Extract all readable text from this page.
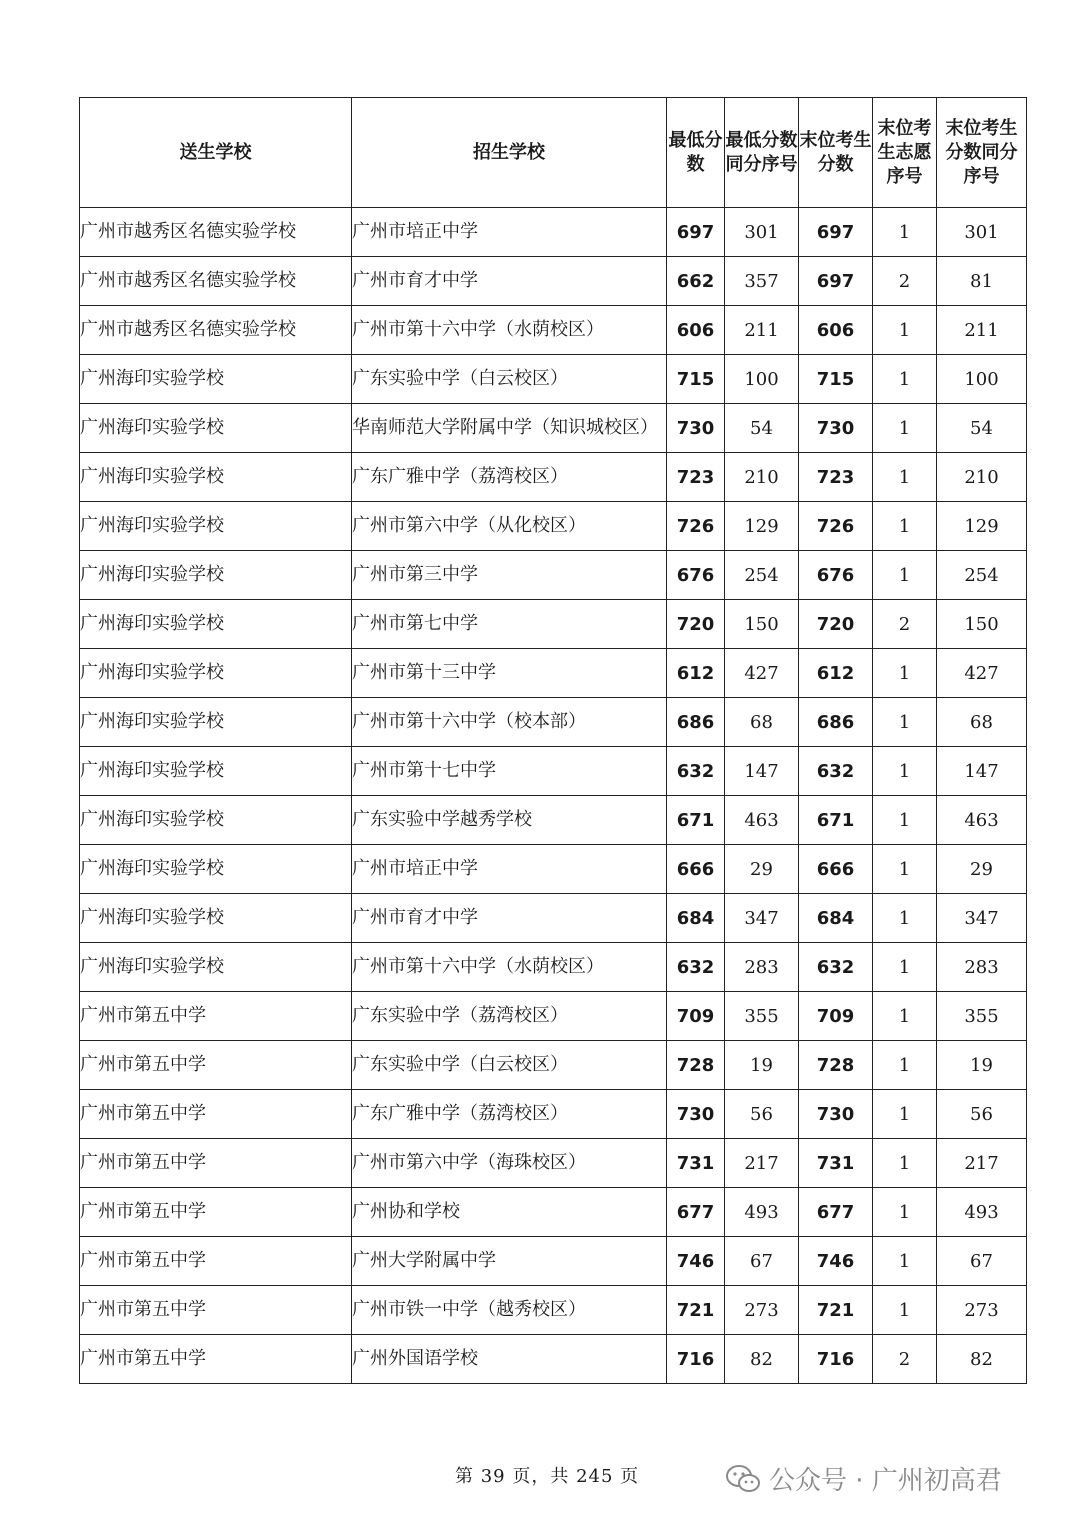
送生学校	招生学校	最低分数	最低分数同分序号	末位考生分数	末位考生志愿序号	末位考生分数同分序号
广州市越秀区名德实验学校	广州市培正中学	697	301	697	1	301
广州市越秀区名德实验学校	广州市育才中学	662	357	697	2	81
广州市越秀区名德实验学校	广州市第十六中学（水荫校区）	606	211	606	1	211
广州海印实验学校	广东实验中学（白云校区）	715	100	715	1	100
广州海印实验学校	华南师范大学附属中学（知识城校区）	730	54	730	1	54
广州海印实验学校	广东广雅中学（荔湾校区）	723	210	723	1	210
广州海印实验学校	广州市第六中学（从化校区）	726	129	726	1	129
广州海印实验学校	广州市第三中学	676	254	676	1	254
广州海印实验学校	广州市第七中学	720	150	720	2	150
广州海印实验学校	广州市第十三中学	612	427	612	1	427
广州海印实验学校	广州市第十六中学（校本部）	686	68	686	1	68
广州海印实验学校	广州市第十七中学	632	147	632	1	147
广州海印实验学校	广东实验中学越秀学校	671	463	671	1	463
广州海印实验学校	广州市培正中学	666	29	666	1	29
广州海印实验学校	广州市育才中学	684	347	684	1	347
广州海印实验学校	广州市第十六中学（水荫校区）	632	283	632	1	283
广州市第五中学	广东实验中学（荔湾校区）	709	355	709	1	355
广州市第五中学	广东实验中学（白云校区）	728	19	728	1	19
广州市第五中学	广东广雅中学（荔湾校区）	730	56	730	1	56
广州市第五中学	广州市第六中学（海珠校区）	731	217	731	1	217
广州市第五中学	广州协和学校	677	493	677	1	493
广州市第五中学	广州大学附属中学	746	67	746	1	67
广州市第五中学	广州市铁一中学（越秀校区）	721	273	721	1	273
广州市第五中学	广州外国语学校	716	82	716	2	82
第 39 页，共 245 页	公众号 · 广州初高君
